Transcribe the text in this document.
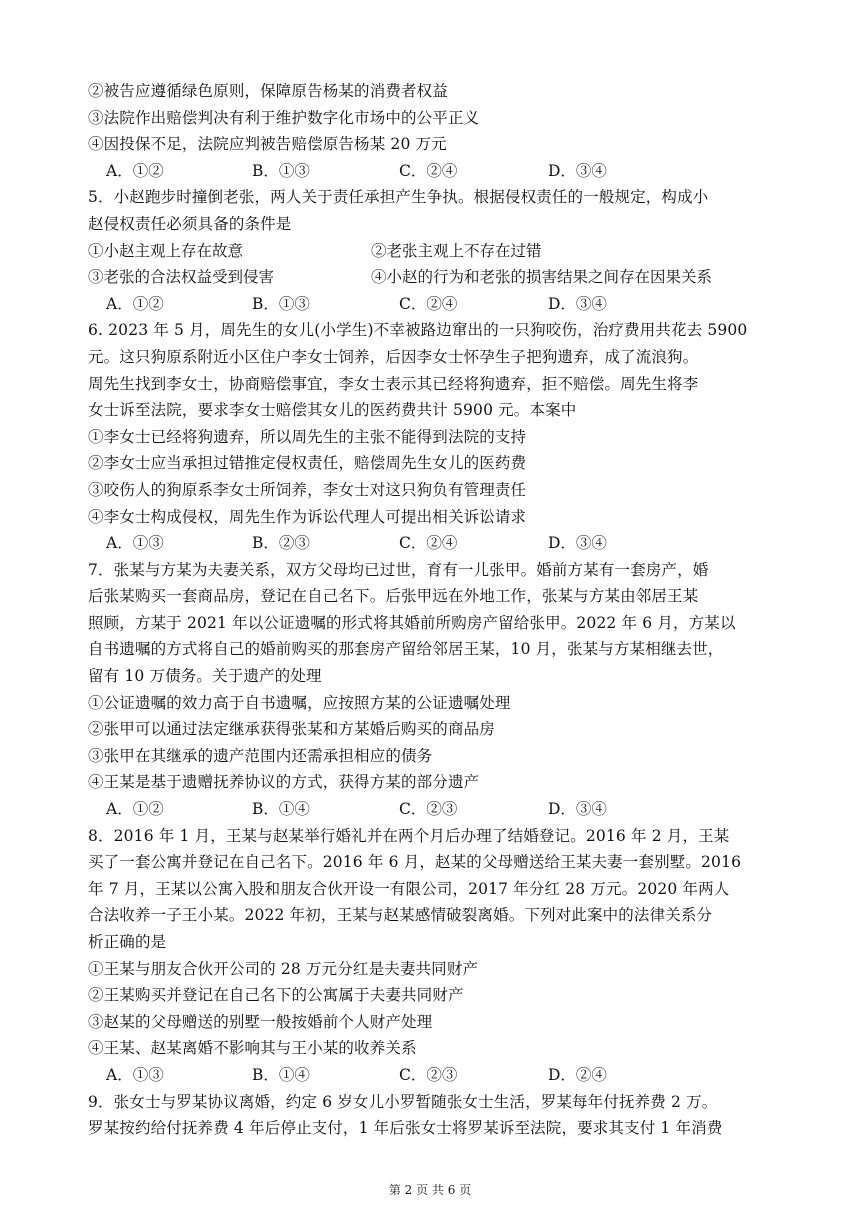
②被告应遵循绿色原则，保障原告杨某的消费者权益
③法院作出赔偿判决有利于维护数字化市场中的公平正义
④因投保不足，法院应判被告赔偿原告杨某 20 万元
A．①②	B．①③	C．②④	D．③④
5．小赵跑步时撞倒老张，两人关于责任承担产生争执。根据侵权责任的一般规定，构成小
赵侵权责任必须具备的条件是
①小赵主观上存在故意	②老张主观上不存在过错
③老张的合法权益受到侵害	④小赵的行为和老张的损害结果之间存在因果关系
A．①②	B．①③	C．②④	D．③④
6. 2023 年 5 月，周先生的女儿(小学生)不幸被路边窜出的一只狗咬伤，治疗费用共花去 5900
元。这只狗原系附近小区住户李女士饲养，后因李女士怀孕生子把狗遗弃，成了流浪狗。
周先生找到李女士，协商赔偿事宜，李女士表示其已经将狗遗弃，拒不赔偿。周先生将李
女士诉至法院，要求李女士赔偿其女儿的医药费共计 5900 元。本案中
①李女士已经将狗遗弃，所以周先生的主张不能得到法院的支持
②李女士应当承担过错推定侵权责任，赔偿周先生女儿的医药费
③咬伤人的狗原系李女士所饲养，李女士对这只狗负有管理责任
④李女士构成侵权，周先生作为诉讼代理人可提出相关诉讼请求
A．①③	B．②③	C．②④	D．③④
7．张某与方某为夫妻关系，双方父母均已过世，育有一儿张甲。婚前方某有一套房产，婚
后张某购买一套商品房，登记在自己名下。后张甲远在外地工作，张某与方某由邻居王某
照顾，方某于 2021 年以公证遗嘱的形式将其婚前所购房产留给张甲。2022 年 6 月，方某以
自书遗嘱的方式将自己的婚前购买的那套房产留给邻居王某，10 月，张某与方某相继去世，
留有 10 万债务。关于遗产的处理
①公证遗嘱的效力高于自书遗嘱，应按照方某的公证遗嘱处理
②张甲可以通过法定继承获得张某和方某婚后购买的商品房
③张甲在其继承的遗产范围内还需承担相应的债务
④王某是基于遗赠抚养协议的方式，获得方某的部分遗产
A．①②	B．①④	C．②③	D．③④
8．2016 年 1 月，王某与赵某举行婚礼并在两个月后办理了结婚登记。2016 年 2 月，王某
买了一套公寓并登记在自己名下。2016 年 6 月，赵某的父母赠送给王某夫妻一套别墅。2016
年 7 月，王某以公寓入股和朋友合伙开设一有限公司，2017 年分红 28 万元。2020 年两人
合法收养一子王小某。2022 年初，王某与赵某感情破裂离婚。下列对此案中的法律关系分
析正确的是
①王某与朋友合伙开公司的 28 万元分红是夫妻共同财产
②王某购买并登记在自己名下的公寓属于夫妻共同财产
③赵某的父母赠送的别墅一般按婚前个人财产处理
④王某、赵某离婚不影响其与王小某的收养关系
A．①③	B．①④	C．②③	D．②④
9．张女士与罗某协议离婚，约定 6 岁女儿小罗暂随张女士生活，罗某每年付抚养费 2 万。
罗某按约给付抚养费 4 年后停止支付，1 年后张女士将罗某诉至法院，要求其支付 1 年消费
第 2 页 共 6 页
